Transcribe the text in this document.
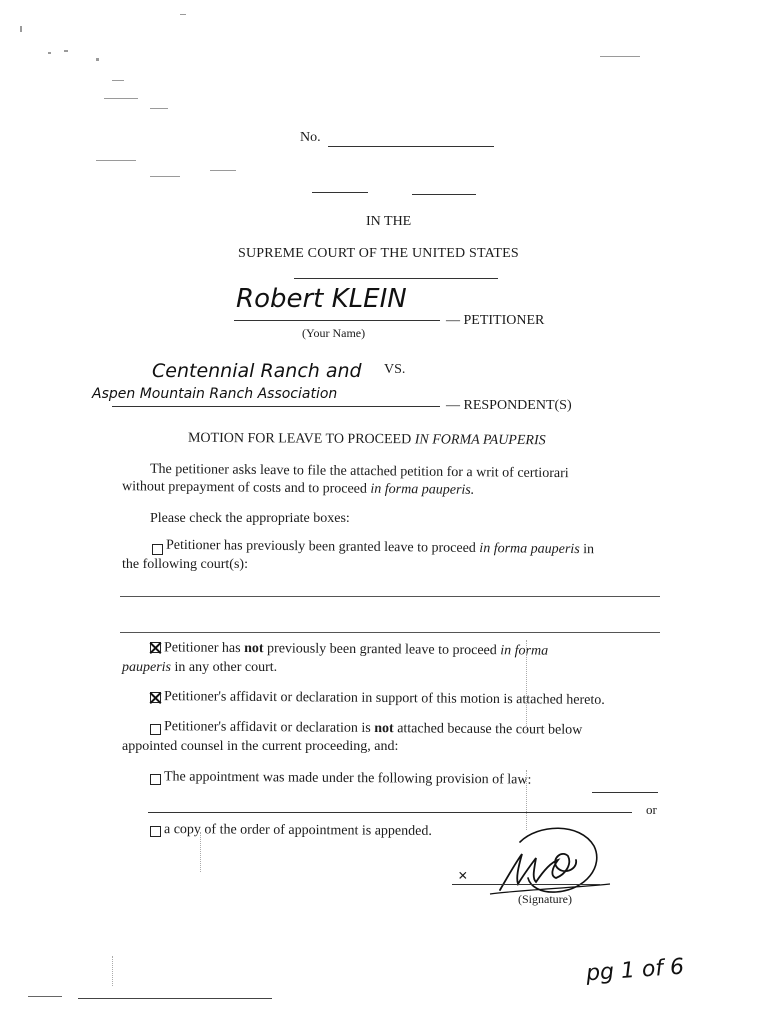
No.
IN THE
SUPREME COURT OF THE UNITED STATES
Robert KLEIN
— PETITIONER
(Your Name)
Centennial Ranch and VS.
Aspen Mountain Ranch Association
— RESPONDENT(S)
MOTION FOR LEAVE TO PROCEED IN FORMA PAUPERIS
The petitioner asks leave to file the attached petition for a writ of certiorari
without prepayment of costs and to proceed in forma pauperis.
Please check the appropriate boxes:
Petitioner has previously been granted leave to proceed in forma pauperis in
the following court(s):
Petitioner has not previously been granted leave to proceed in forma
pauperis in any other court.
Petitioner's affidavit or declaration in support of this motion is attached hereto.
Petitioner's affidavit or declaration is not attached because the court below
appointed counsel in the current proceeding, and:
The appointment was made under the following provision of law:
or
a copy of the order of appointment is appended.
×
(Signature)
pg 1 of 6
